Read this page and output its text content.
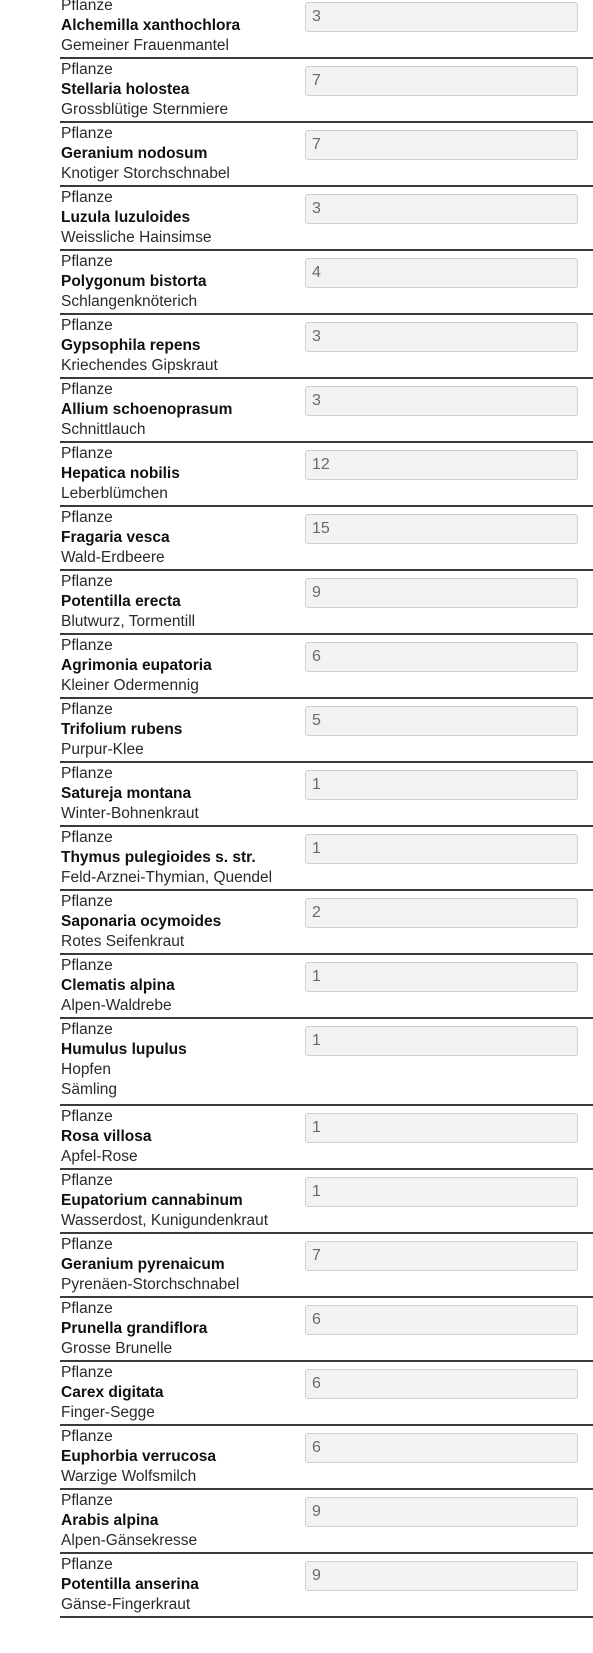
Pflanze
Alchemilla xanthochlora
Gemeiner Frauenmantel
3
Pflanze
Stellaria holostea
Grossblütige Sternmiere
7
Pflanze
Geranium nodosum
Knotiger Storchschnabel
7
Pflanze
Luzula luzuloides
Weissliche Hainsimse
3
Pflanze
Polygonum bistorta
Schlangenknöterich
4
Pflanze
Gypsophila repens
Kriechendes Gipskraut
3
Pflanze
Allium schoenoprasum
Schnittlauch
3
Pflanze
Hepatica nobilis
Leberblümchen
12
Pflanze
Fragaria vesca
Wald-Erdbeere
15
Pflanze
Potentilla erecta
Blutwurz, Tormentill
9
Pflanze
Agrimonia eupatoria
Kleiner Odermennig
6
Pflanze
Trifolium rubens
Purpur-Klee
5
Pflanze
Satureja montana
Winter-Bohnenkraut
1
Pflanze
Thymus pulegioides s. str.
Feld-Arznei-Thymian, Quendel
1
Pflanze
Saponaria ocymoides
Rotes Seifenkraut
2
Pflanze
Clematis alpina
Alpen-Waldrebe
1
Pflanze
Humulus lupulus
Hopfen
Sämling
1
Pflanze
Rosa villosa
Apfel-Rose
1
Pflanze
Eupatorium cannabinum
Wasserdost, Kunigundenkraut
1
Pflanze
Geranium pyrenaicum
Pyrenäen-Storchschnabel
7
Pflanze
Prunella grandiflora
Grosse Brunelle
6
Pflanze
Carex digitata
Finger-Segge
6
Pflanze
Euphorbia verrucosa
Warzige Wolfsmilch
6
Pflanze
Arabis alpina
Alpen-Gänsekresse
9
Pflanze
Potentilla anserina
Gänse-Fingerkraut
9
